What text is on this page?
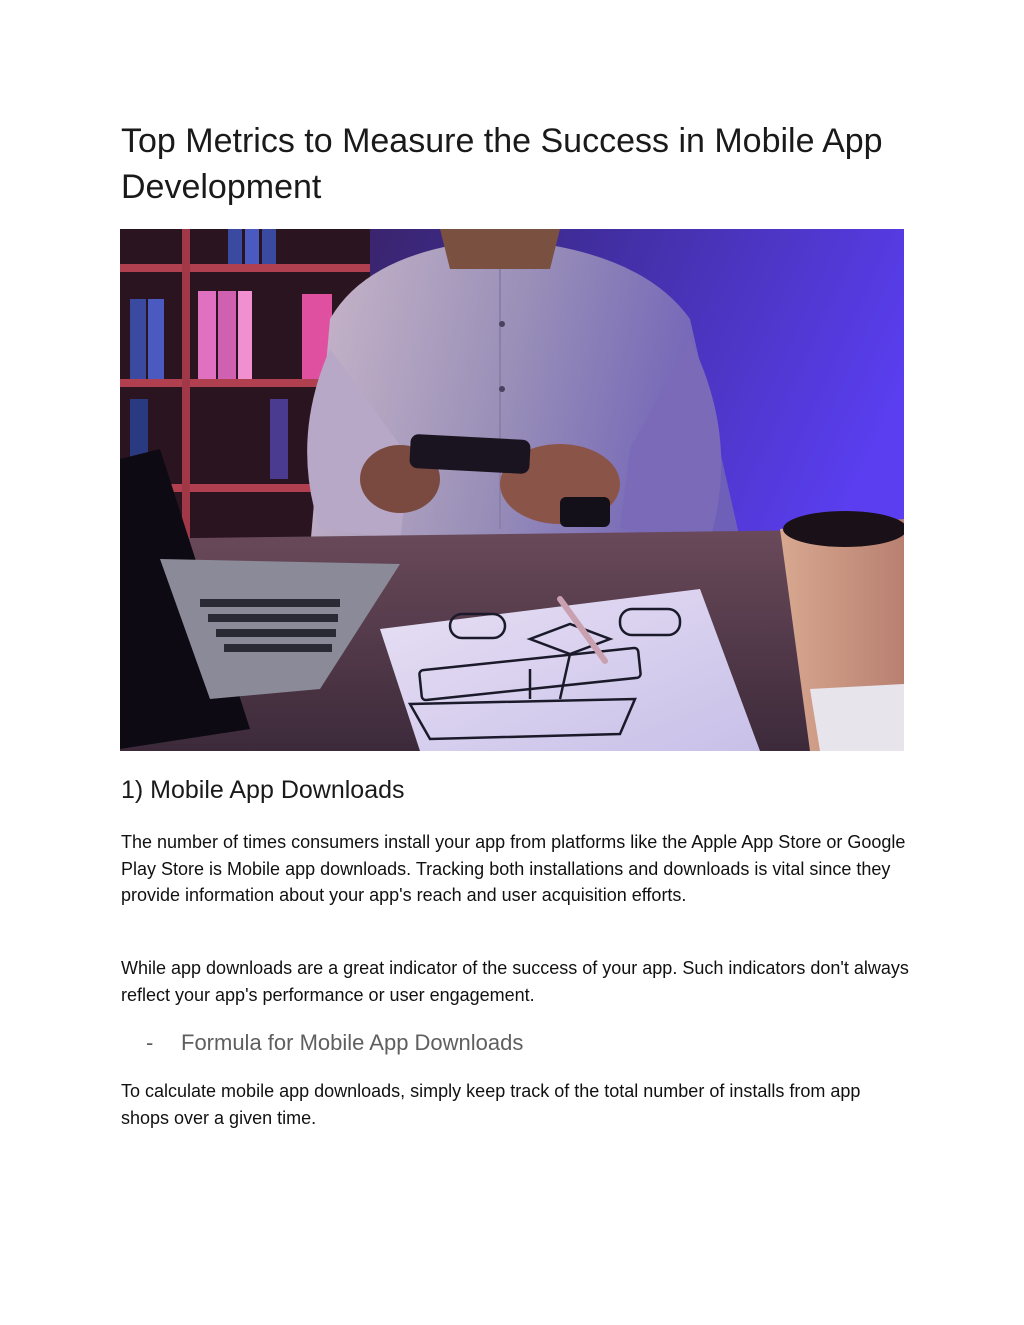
Top Metrics to Measure the Success in Mobile App Development
1) Mobile App Downloads

The number of times consumers install your app from platforms like the Apple App Store or Google Play Store is Mobile app downloads. Tracking both installations and downloads is vital since they provide information about your app's reach and user acquisition efforts.

While app downloads are a great indicator of the success of your app. Such indicators don't always reflect your app's performance or user engagement.

- Formula for Mobile App Downloads

To calculate mobile app downloads, simply keep track of the total number of installs from app shops over a given time.
